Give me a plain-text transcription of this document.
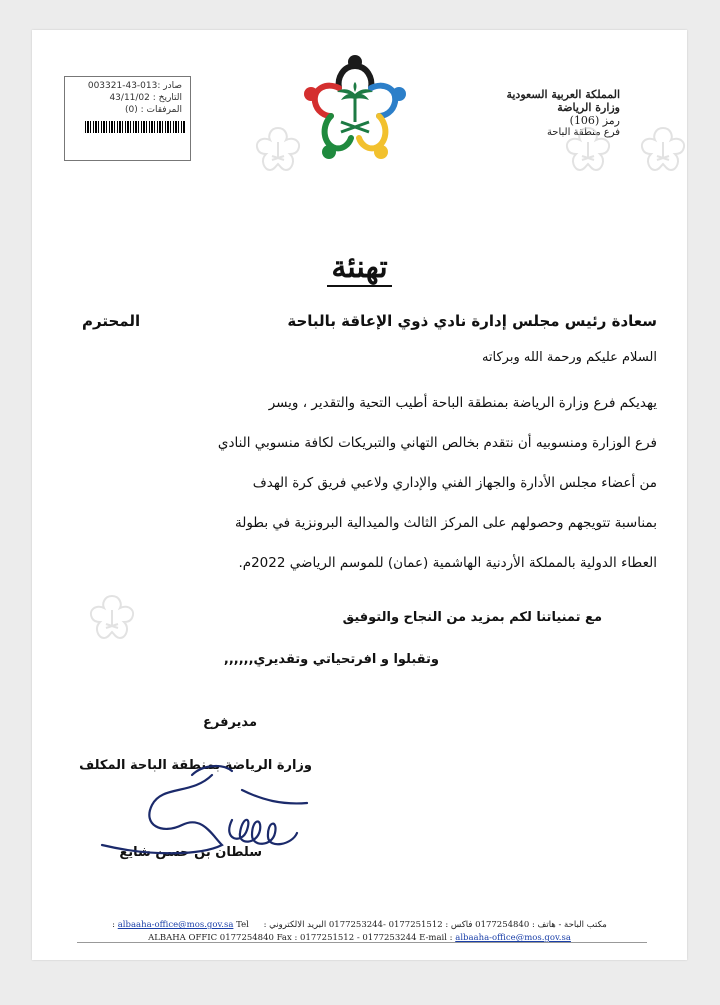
صادر :013-43-003321
التاريخ : 43/11/02
المرفقات : (0)
المملكة العربية السعودية
وزارة الرياضة
رمز (106)
فرع منطقة الباحة
تهنئة
سعادة رئيس مجلس إدارة نادي ذوي الإعاقة بالباحة
المحترم
السلام عليكم ورحمة الله وبركاته
يهديكم فرع وزارة الرياضة بمنطقة الباحة أطيب التحية والتقدير ، ويسر
فرع الوزارة ومنسوبيه أن نتقدم بخالص التهاني والتبريكات لكافة منسوبي النادي
من أعضاء مجلس الأدارة والجهاز الفني والإداري ولاعبي فريق كرة الهدف
بمناسبة تتويجهم وحصولهم على المركز الثالث والميدالية البرونزية في بطولة
العطاء الدولية بالمملكة الأردنية الهاشمية (عمان) للموسم الرياضي 2022م.
مع تمنياتنا لكم بمزيد من النجاح والتوفيق
وتقبلوا و افرتحياتي وتقديري,,,,,,
مديرفرع
وزارة الرياضة بمنطقة الباحة المكلف
سلطان بن حسن شايع
مكتب الباحة - هاتف : 0177254840 فاكس : 0177251512 -0177253244 البريد الالكتروني : albaaha-office@mos.gov.sa Tel :
ALBAHA OFFIC 0177254840 Fax : 0177251512 - 0177253244 E-mail : albaaha-office@mos.gov.sa
